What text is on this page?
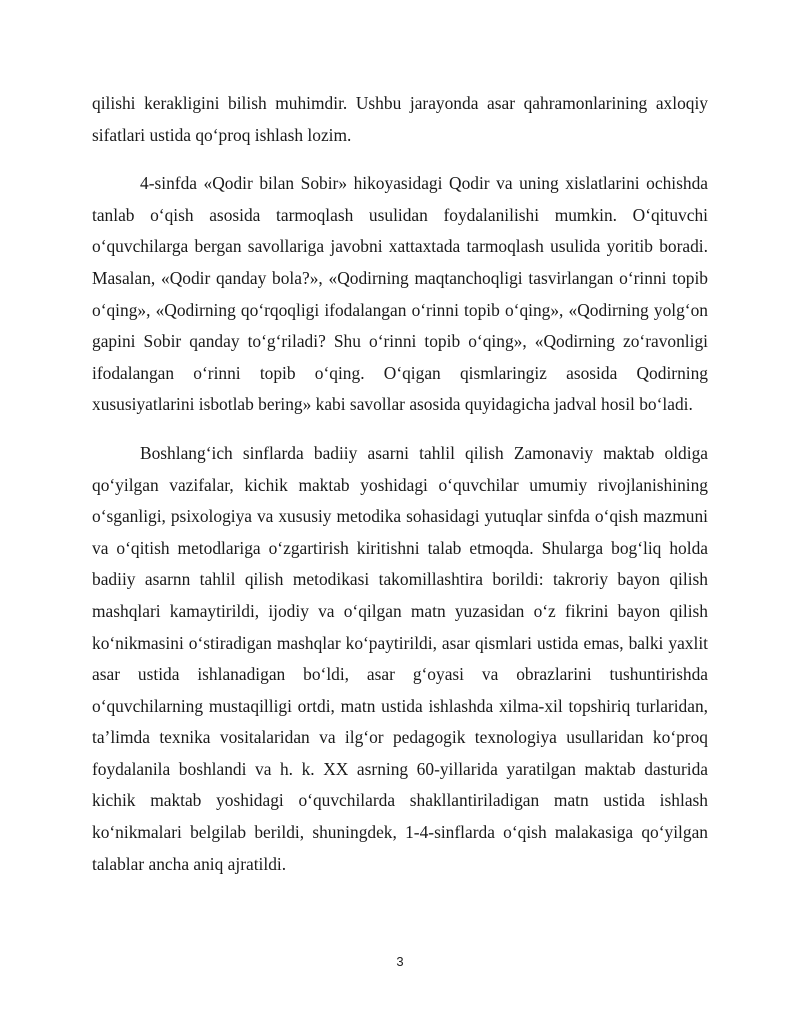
qilishi kerakligini bilish muhimdir. Ushbu jarayonda asar qahramonlarining axloqiy sifatlari ustida qo‘proq ishlash lozim.

4-sinfda «Qodir bilan Sobir» hikoyasidagi Qodir va uning xislatlarini ochishda tanlab o‘qish asosida tarmoqlash usulidan foydalanilishi mumkin. O‘qituvchi o‘quvchilarga bergan savollariga javobni xattaxtada tarmoqlash usulida yoritib boradi. Masalan, «Qodir qanday bola?», «Qodirning maqtanchoqligi tasvirlangan o‘rinni topib o‘qing», «Qodirning qo‘rqoqligi ifodalangan o‘rinni topib o‘qing», «Qodirning yolg‘on gapini Sobir qanday to‘g‘riladi? Shu o‘rinni topib o‘qing», «Qodirning zo‘ravonligi ifodalangan o‘rinni topib o‘qing. O‘qigan qismlaringiz asosida Qodirning xususiyatlarini isbotlab bering» kabi savollar asosida quyidagicha jadval hosil bo‘ladi.

Boshlang‘ich sinflarda badiiy asarni tahlil qilish Zamonaviy maktab oldiga qo‘yilgan vazifalar, kichik maktab yoshidagi o‘quvchilar umumiy rivojlanishining o‘sganligi, psixologiya va xususiy metodika sohasidagi yutuqlar sinfda o‘qish mazmuni va o‘qitish metodlariga o‘zgartirish kiritishni talab etmoqda. Shularga bog‘liq holda badiiy asarnn tahlil qilish metodikasi takomillashtira borildi: takroriy bayon qilish mashqlari kamaytirildi, ijodiy va o‘qilgan matn yuzasidan o‘z fikrini bayon qilish ko‘nikmasini o‘stiradigan mashqlar ko‘paytirildi, asar qismlari ustida emas, balki yaxlit asar ustida ishlanadigan bo‘ldi, asar g‘oyasi va obrazlarini tushuntirishda o‘quvchilarning mustaqilligi ortdi, matn ustida ishlashda xilma-xil topshiriq turlaridan, ta’limda texnika vositalaridan va ilg‘or pedagogik texnologiya usullaridan ko‘proq foydalanila boshlandi va h. k. XX asrning 60-yillarida yaratilgan maktab dasturida kichik maktab yoshidagi o‘quvchilarda shakllantiriladigan matn ustida ishlash ko‘nikmalari belgilab berildi, shuningdek, 1-4-sinflarda o‘qish malakasiga qo‘yilgan talablar ancha aniq ajratildi.

3
